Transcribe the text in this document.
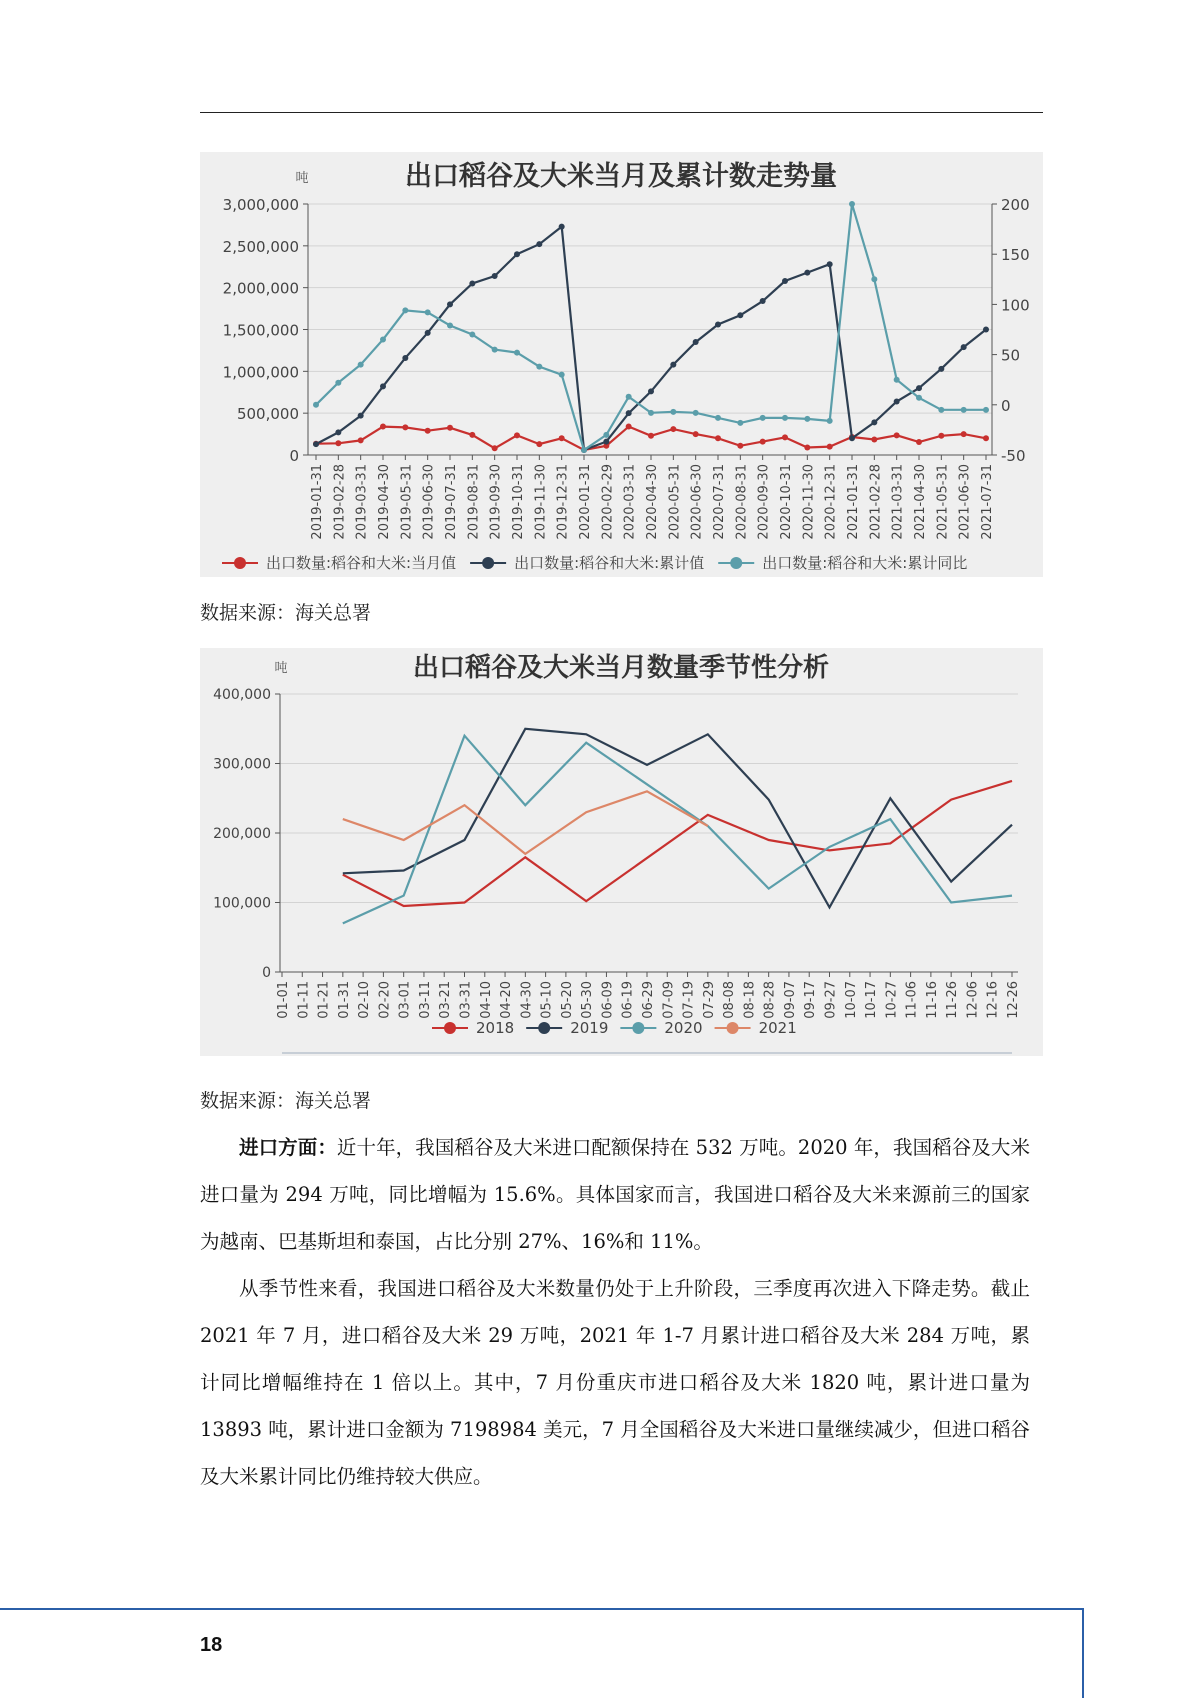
出口稻谷及大米当月及累计数走势量
吨
3,000,000
2,500,000
2,000,000
1,500,000
1,000,000
500,000
0
200
150
100
50
0
-50
2019-01-31 2019-02-28 2019-03-31 2019-04-30 2019-05-31 2019-06-30 2019-07-31 2019-08-31 2019-09-30 2019-10-31 2019-11-30 2019-12-31 2020-01-31 2020-02-29 2020-03-31 2020-04-30 2020-05-31 2020-06-30 2020-07-31 2020-08-31 2020-09-30 2020-10-31 2020-11-30 2020-12-31 2021-01-31 2021-02-28 2021-03-31 2021-04-30 2021-05-31 2021-06-30 2021-07-31
出口数量:稻谷和大米:当月值	出口数量:稻谷和大米:累计值	出口数量:稻谷和大米:累计同比
数据来源：海关总署
出口稻谷及大米当月数量季节性分析
吨
400,000
300,000
200,000
100,000
0
01-01 01-11 01-21 01-31 02-10 02-20 03-01 03-11 03-21 03-31 04-10 04-20 04-30 05-10 05-20 05-30 06-09 06-19 06-29 07-09 07-19 07-29 08-08 08-18 08-28 09-07 09-17 09-27 10-07 10-17 10-27 11-06 11-16 11-26 12-06 12-16 12-26
2018	2019	2020	2021
数据来源：海关总署

进口方面：近十年，我国稻谷及大米进口配额保持在 532 万吨。2020 年，我国稻谷及大米进口量为 294 万吨，同比增幅为 15.6%。具体国家而言，我国进口稻谷及大米来源前三的国家为越南、巴基斯坦和泰国，占比分别 27%、16%和 11%。

从季节性来看，我国进口稻谷及大米数量仍处于上升阶段，三季度再次进入下降走势。截止 2021 年 7 月，进口稻谷及大米 29 万吨，2021 年 1-7 月累计进口稻谷及大米 284 万吨，累计同比增幅维持在 1 倍以上。其中，7 月份重庆市进口稻谷及大米 1820 吨，累计进口量为 13893 吨，累计进口金额为 7198984 美元，7 月全国稻谷及大米进口量继续减少，但进口稻谷及大米累计同比仍维持较大供应。

18
